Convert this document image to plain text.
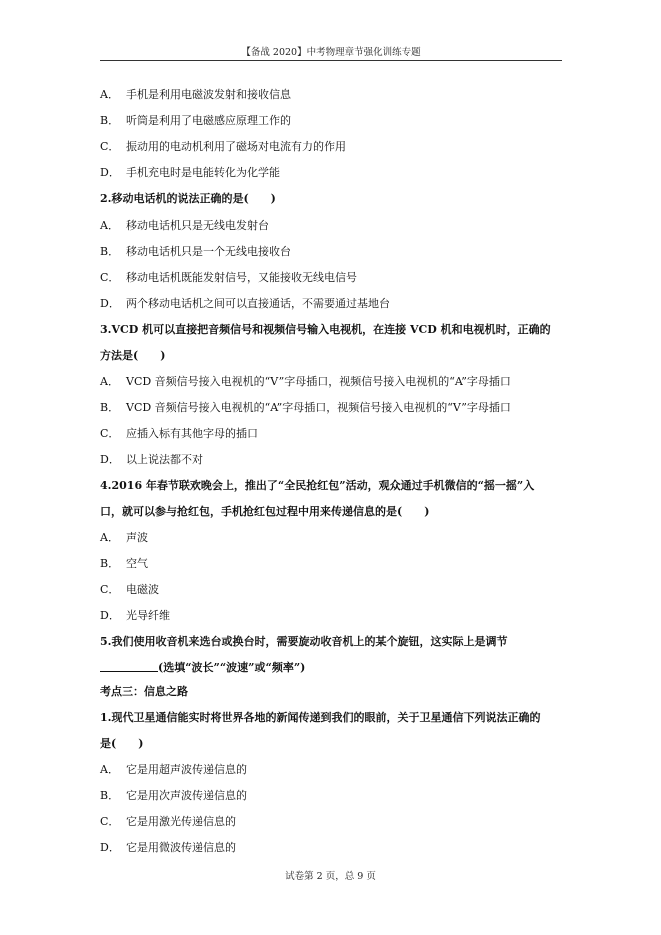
【备战 2020】中考物理章节强化训练专题
A． 手机是利用电磁波发射和接收信息
B． 听筒是利用了电磁感应原理工作的
C． 振动用的电动机利用了磁场对电流有力的作用
D． 手机充电时是电能转化为化学能
2.移动电话机的说法正确的是(　　)
A． 移动电话机只是无线电发射台
B． 移动电话机只是一个无线电接收台
C． 移动电话机既能发射信号，又能接收无线电信号
D． 两个移动电话机之间可以直接通话，不需要通过基地台
3.VCD 机可以直接把音频信号和视频信号输入电视机，在连接 VCD 机和电视机时，正确的
方法是(　　)
A． VCD 音频信号接入电视机的“V”字母插口，视频信号接入电视机的“A”字母插口
B． VCD 音频信号接入电视机的“A”字母插口，视频信号接入电视机的“V”字母插口
C． 应插入标有其他字母的插口
D． 以上说法都不对
4.2016 年春节联欢晚会上，推出了“全民抢红包”活动，观众通过手机微信的“摇一摇”入
口，就可以参与抢红包，手机抢红包过程中用来传递信息的是(　　)
A． 声波
B． 空气
C． 电磁波
D． 光导纤维
5.我们使用收音机来选台或换台时，需要旋动收音机上的某个旋钮，这实际上是调节
(选填“波长”“波速”或“频率”)
考点三：信息之路
1.现代卫星通信能实时将世界各地的新闻传递到我们的眼前，关于卫星通信下列说法正确的
是(　　)
A． 它是用超声波传递信息的
B． 它是用次声波传递信息的
C． 它是用激光传递信息的
D． 它是用微波传递信息的
试卷第 2 页，总 9 页
